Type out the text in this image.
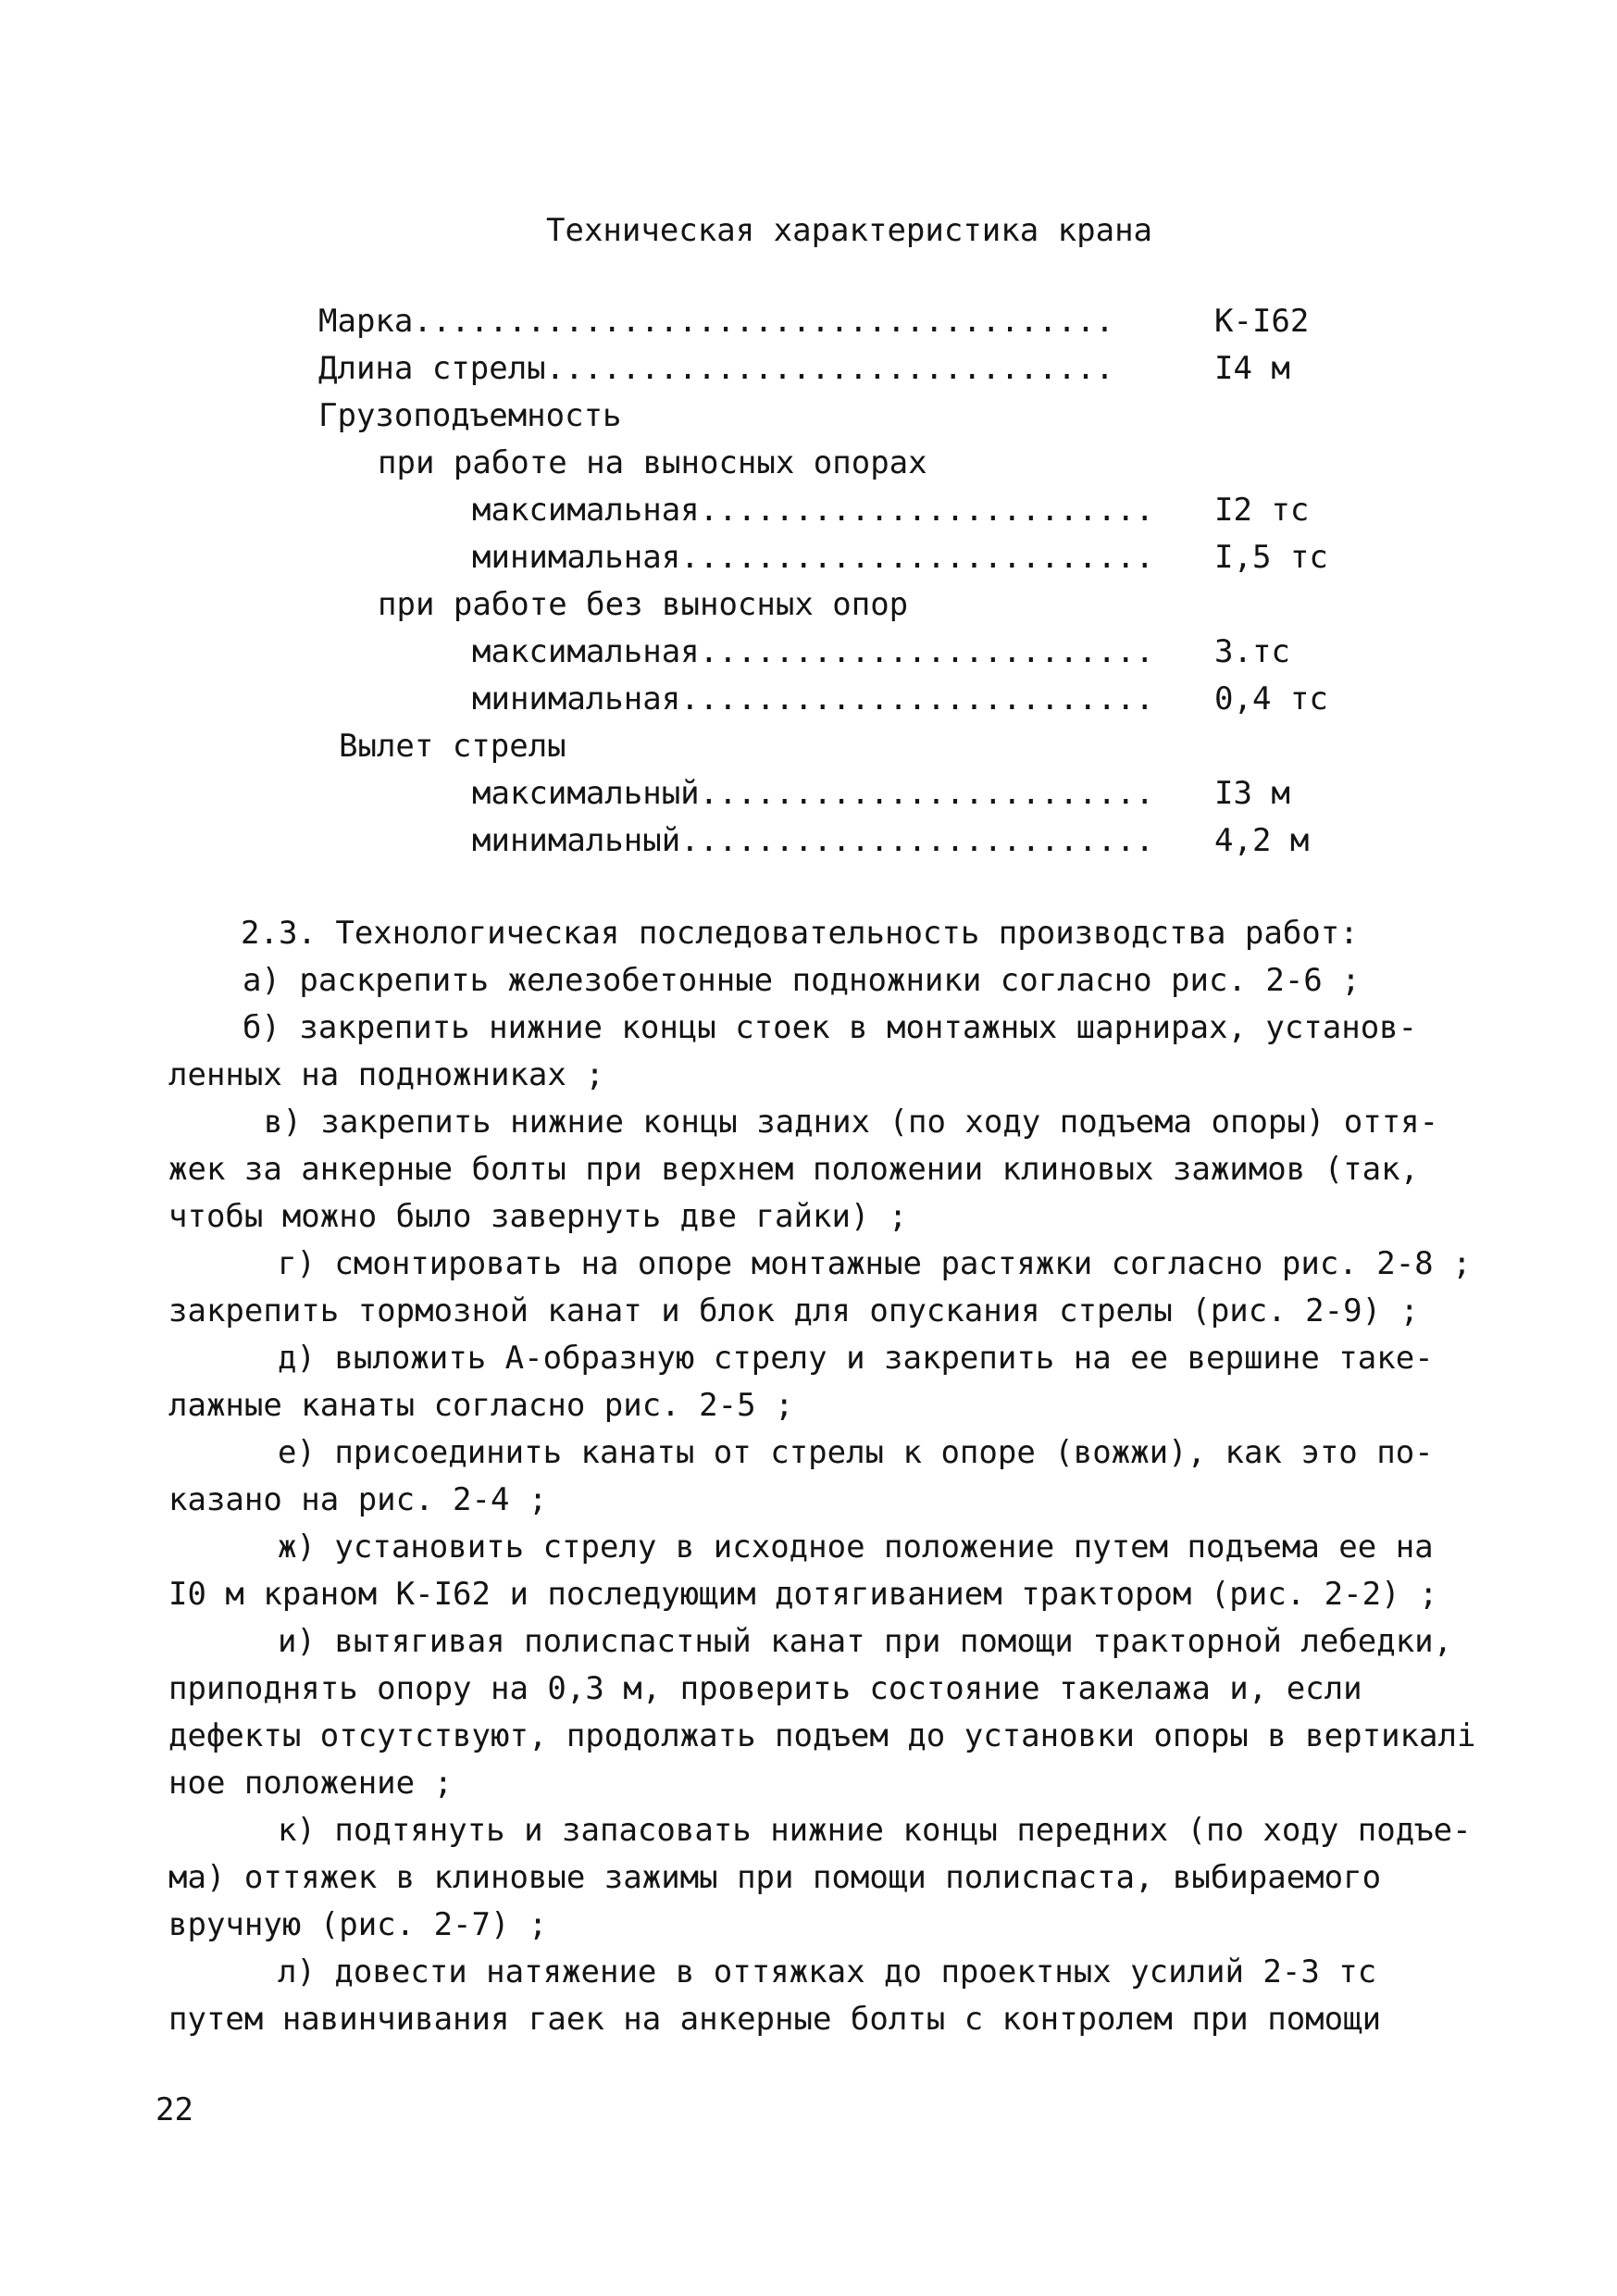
Техническая характеристика крана
Марка.....................................	К-I62
Длина стрелы..............................	I4 м
Грузоподъемность
при работе на выносных опорах
максимальная........................ I2 тс
минимальная......................... I,5 тс
при работе без выносных опор
максимальная........................ 3.тс
минимальная......................... 0,4 тс
Вылет стрелы
максимальный........................ I3 м
минимальный......................... 4,2 м
2.3. Технологическая последовательность производства работ:
а) раскрепить железобетонные подножники согласно рис. 2-6 ;
б) закрепить нижние концы стоек в монтажных шарнирах, установ-
ленных на подножниках ;
в) закрепить нижние концы задних (по ходу подъема опоры) оття-
жек за анкерные болты при верхнем положении клиновых зажимов (так,
чтобы можно было завернуть две гайки) ;
г) смонтировать на опоре монтажные растяжки согласно рис. 2-8 ;
закрепить тормозной канат и блок для опускания стрелы (рис. 2-9) ;
д) выложить А-образную стрелу и закрепить на ее вершине таке-
лажные канаты согласно рис. 2-5 ;
е) присоединить канаты от стрелы к опоре (вожжи), как это по-
казано на рис. 2-4 ;
ж) установить стрелу в исходное положение путем подъема ее на
I0 м краном К-I62 и последующим дотягиванием трактором (рис. 2-2) ;
и) вытягивая полиспастный канат при помощи тракторной лебедки,
приподнять опору на 0,3 м, проверить состояние такелажа и, если
дефекты отсутствуют, продолжать подъем до установки опоры в вертикалі
ное положение ;
к) подтянуть и запасовать нижние концы передних (по ходу подъе-
ма) оттяжек в клиновые зажимы при помощи полиспаста, выбираемого
вручную (рис. 2-7) ;
л) довести натяжение в оттяжках до проектных усилий 2-3 тс
путем навинчивания гаек на анкерные болты с контролем при помощи
22
